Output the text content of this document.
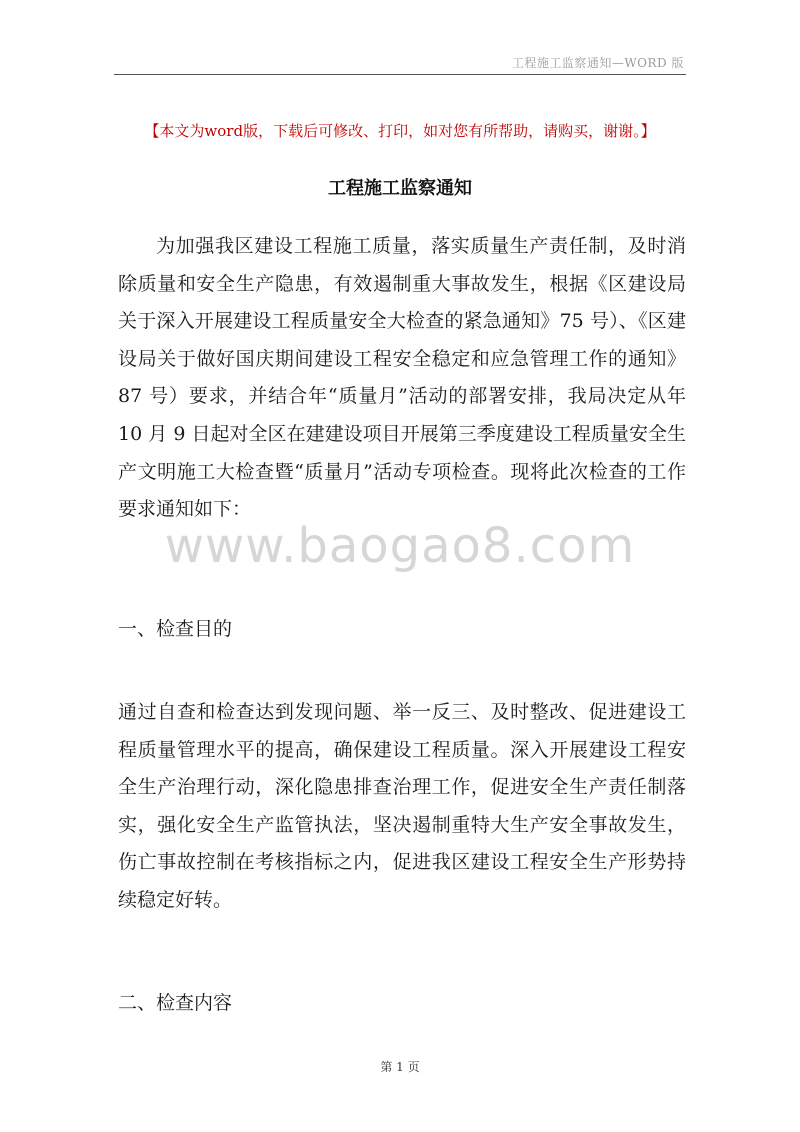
工程施工监察通知—WORD 版
【本文为word版，下载后可修改、打印，如对您有所帮助，请购买，谢谢。】
工程施工监察通知

为加强我区建设工程施工质量，落实质量生产责任制，及时消除质量和安全生产隐患，有效遏制重大事故发生，根据《区建设局关于深入开展建设工程质量安全大检查的紧急通知》75 号）、《区建设局关于做好国庆期间建设工程安全稳定和应急管理工作的通知》87 号）要求，并结合年“质量月”活动的部署安排，我局决定从年 10 月 9 日起对全区在建建设项目开展第三季度建设工程质量安全生产文明施工大检查暨“质量月”活动专项检查。现将此次检查的工作要求通知如下：

www.baogao8.com

一、检查目的

通过自查和检查达到发现问题、举一反三、及时整改、促进建设工程质量管理水平的提高，确保建设工程质量。深入开展建设工程安全生产治理行动，深化隐患排查治理工作，促进安全生产责任制落实，强化安全生产监管执法，坚决遏制重特大生产安全事故发生，伤亡事故控制在考核指标之内，促进我区建设工程安全生产形势持续稳定好转。

二、检查内容

第 1 页
